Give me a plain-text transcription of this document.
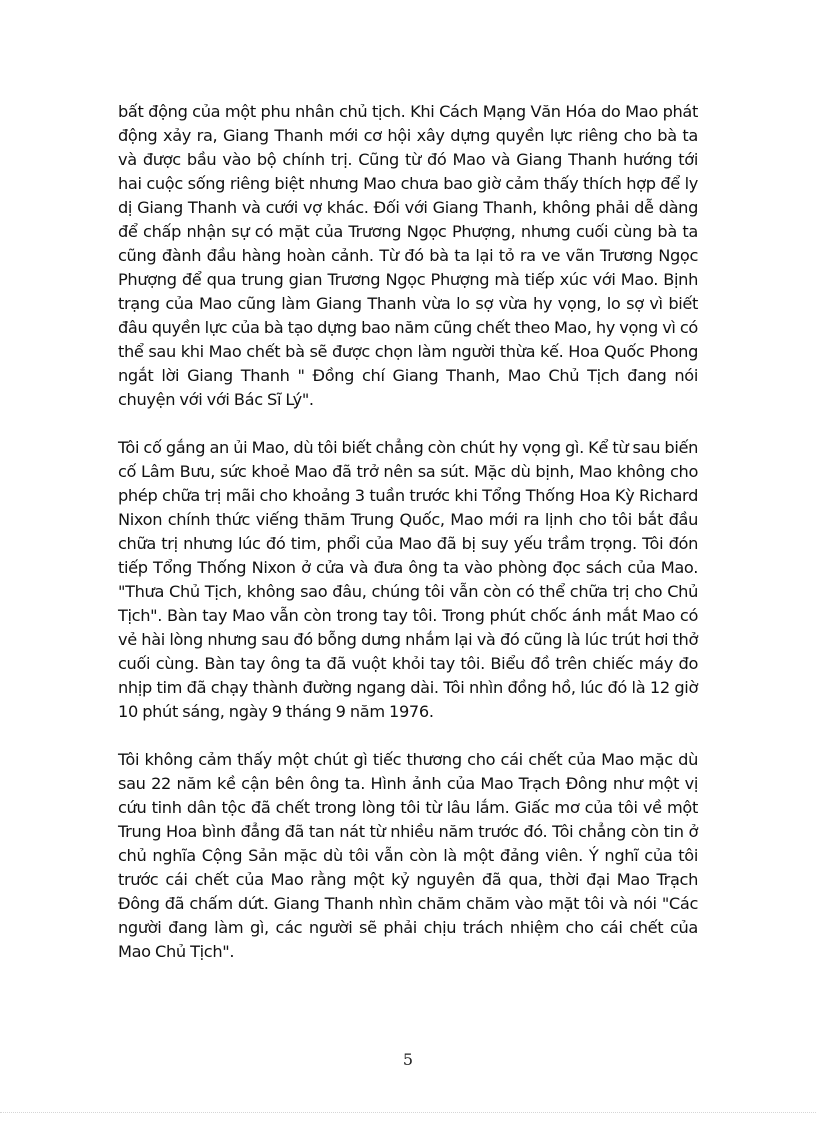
bất động của một phu nhân chủ tịch. Khi Cách Mạng Văn Hóa do Mao phát động xảy ra, Giang Thanh mới cơ hội xây dựng quyền lực riêng cho bà ta và được bầu vào bộ chính trị. Cũng từ đó Mao và Giang Thanh hướng tới hai cuộc sống riêng biệt nhưng Mao chưa bao giờ cảm thấy thích hợp để ly dị Giang Thanh và cưới vợ khác. Đối với Giang Thanh, không phải dễ dàng để chấp nhận sự có mặt của Trương Ngọc Phượng, nhưng cuối cùng bà ta cũng đành đầu hàng hoàn cảnh. Từ đó bà ta lại tỏ ra ve vãn Trương Ngọc Phượng để qua trung gian Trương Ngọc Phượng mà tiếp xúc với Mao. Bịnh trạng của Mao cũng làm Giang Thanh vừa lo sợ vừa hy vọng, lo sợ vì biết đâu quyền lực của bà tạo dựng bao năm cũng chết theo Mao, hy vọng vì có thể sau khi Mao chết bà sẽ được chọn làm người thừa kế. Hoa Quốc Phong ngắt lời Giang Thanh " Đồng chí Giang Thanh, Mao Chủ Tịch đang nói chuyện với với Bác Sĩ Lý".

Tôi cố gắng an ủi Mao, dù tôi biết chẳng còn chút hy vọng gì. Kể từ sau biến cố Lâm Bưu, sức khoẻ Mao đã trở nên sa sút. Mặc dù bịnh, Mao không cho phép chữa trị mãi cho khoảng 3 tuần trước khi Tổng Thống Hoa Kỳ Richard Nixon chính thức viếng thăm Trung Quốc, Mao mới ra lịnh cho tôi bắt đầu chữa trị nhưng lúc đó tim, phổi của Mao đã bị suy yếu trầm trọng. Tôi đón tiếp Tổng Thống Nixon ở cửa và đưa ông ta vào phòng đọc sách của Mao. "Thưa Chủ Tịch, không sao đâu, chúng tôi vẫn còn có thể chữa trị cho Chủ Tịch". Bàn tay Mao vẫn còn trong tay tôi. Trong phút chốc ánh mắt Mao có vẻ hài lòng nhưng sau đó bỗng dưng nhắm lại và đó cũng là lúc trút hơi thở cuối cùng. Bàn tay ông ta đã vuột khỏi tay tôi. Biểu đồ trên chiếc máy đo nhịp tim đã chạy thành đường ngang dài. Tôi nhìn đồng hồ, lúc đó là 12 giờ 10 phút sáng, ngày 9 tháng 9 năm 1976.

Tôi không cảm thấy một chút gì tiếc thương cho cái chết của Mao mặc dù sau 22 năm kề cận bên ông ta. Hình ảnh của Mao Trạch Đông như một vị cứu tinh dân tộc đã chết trong lòng tôi từ lâu lắm. Giấc mơ của tôi về một Trung Hoa bình đẳng đã tan nát từ nhiều năm trước đó. Tôi chẳng còn tin ở chủ nghĩa Cộng Sản mặc dù tôi vẫn còn là một đảng viên. Ý nghĩ của tôi trước cái chết của Mao rằng một kỷ nguyên đã qua, thời đại Mao Trạch Đông đã chấm dứt. Giang Thanh nhìn chăm chăm vào mặt tôi và nói "Các người đang làm gì, các người sẽ phải chịu trách nhiệm cho cái chết của Mao Chủ Tịch".

5
